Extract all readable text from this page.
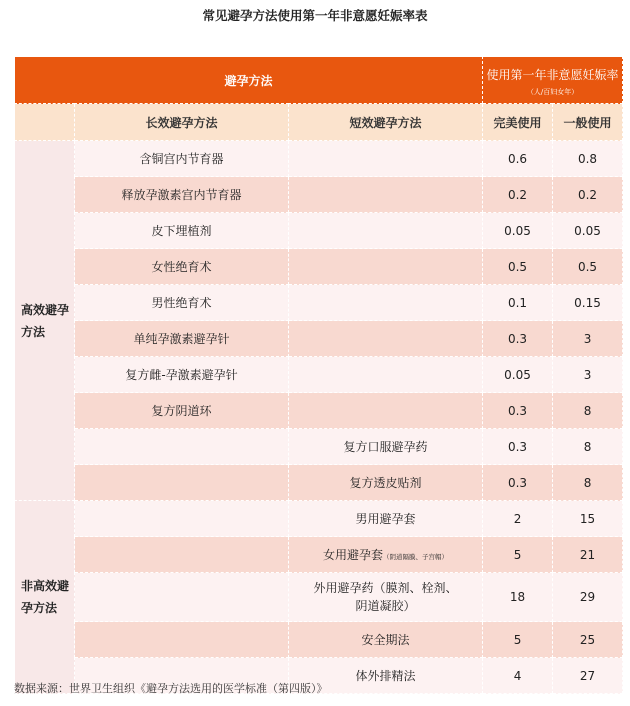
常见避孕方法使用第一年非意愿妊娠率表
避孕方法			使用第一年非意愿妊娠率
（人/百妇女年）	

	长效避孕方法	短效避孕方法	完美使用	一般使用
高效避孕方法	含铜宫内节育器		0.6	0.8
	释放孕激素宫内节育器		0.2	0.2
	皮下埋植剂		0.05	0.05
	女性绝育术		0.5	0.5
	男性绝育术		0.1	0.15
	单纯孕激素避孕针		0.3	3
	复方雌-孕激素避孕针		0.05	3
	复方阴道环		0.3	8
		复方口服避孕药	0.3	8
		复方透皮贴剂	0.3	8
非高效避孕方法		男用避孕套	2	15
		女用避孕套（阴道隔膜、子宫帽）	5	21

		外用避孕药（膜剂、栓剂、
阴道凝胶）	18	29
		安全期法	5	25
		体外排精法	4	27
数据来源：世界卫生组织《避孕方法选用的医学标准（第四版）》
